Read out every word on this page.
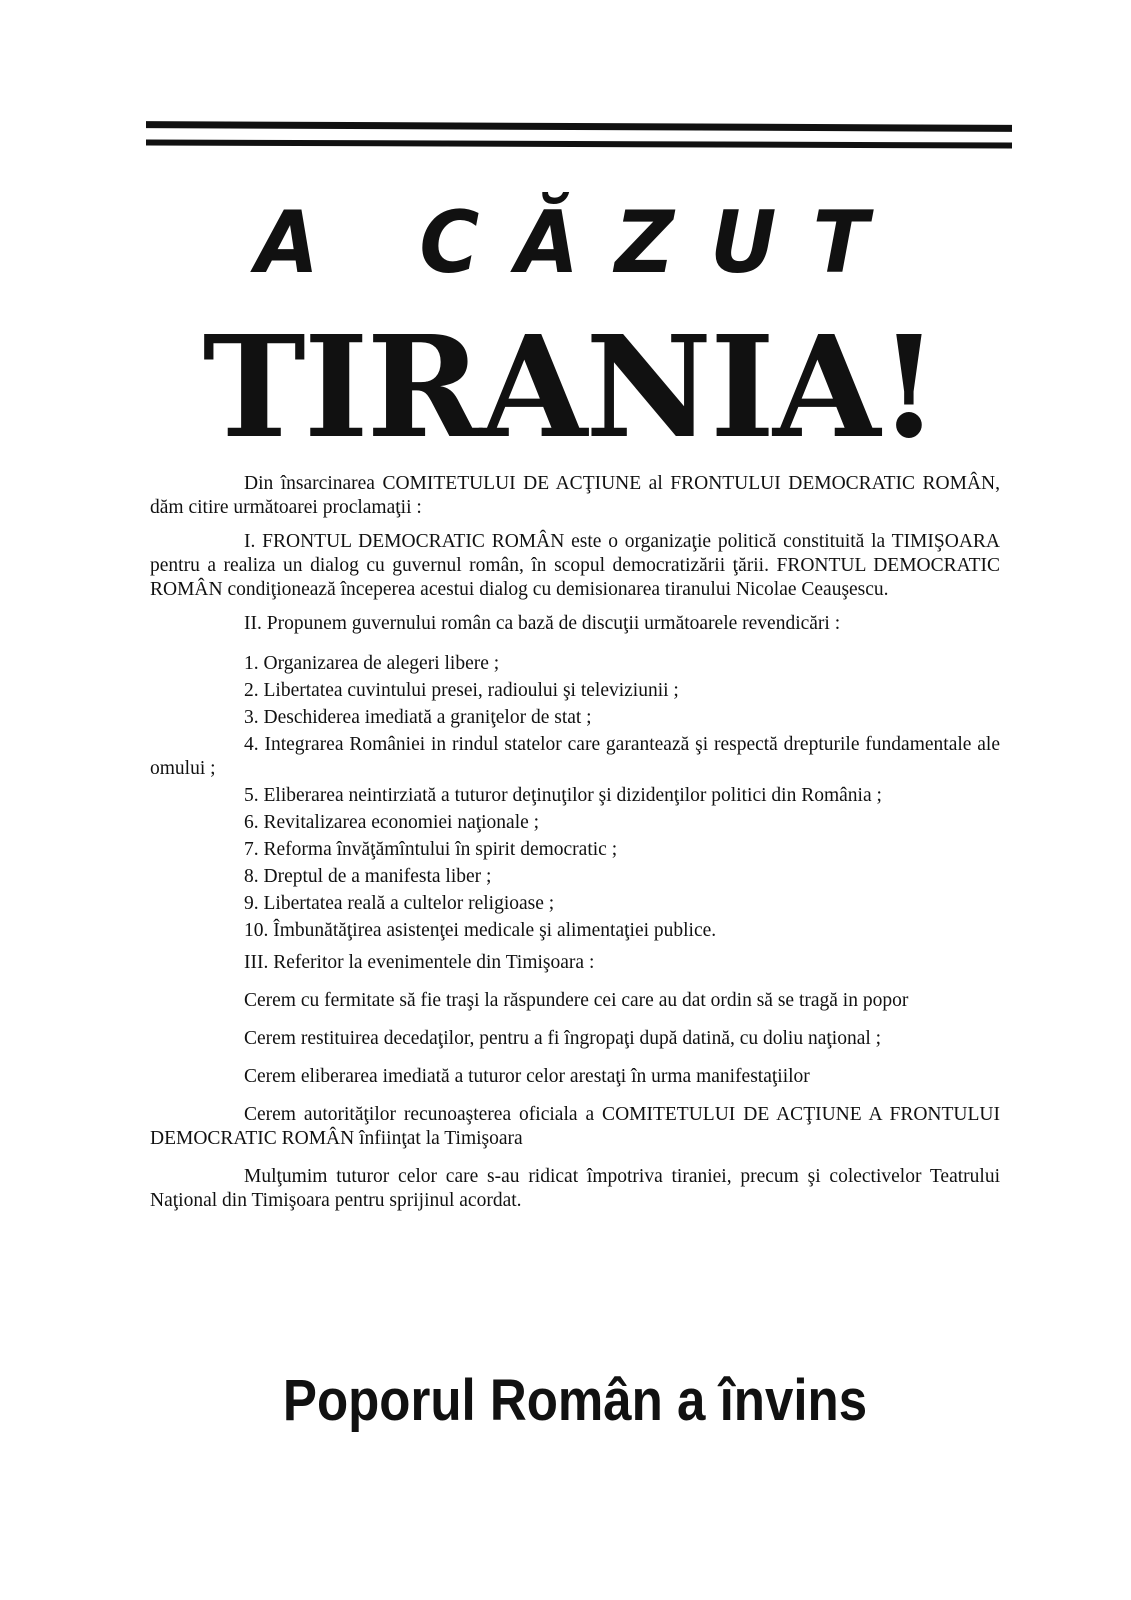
A CĂZUT
TIRANIA!

Din însarcinarea COMITETULUI DE ACŢIUNE al FRONTULUI DEMOCRATIC ROMÂN, dăm citire următoarei proclamaţii :

I. FRONTUL DEMOCRATIC ROMÂN este o organizaţie politică constituită la TIMIŞOARA pentru a realiza un dialog cu guvernul român, în scopul democratizării ţării. FRONTUL DEMOCRATIC ROMÂN condiţionează începerea acestui dialog cu demisionarea tiranului Nicolae Ceauşescu.

II. Propunem guvernului român ca bază de discuţii următoarele revendicări :

1. Organizarea de alegeri libere ;
2. Libertatea cuvintului presei, radioului şi televiziunii ;
3. Deschiderea imediată a graniţelor de stat ;
4. Integrarea României in rindul statelor care garantează şi respectă drepturile fundamentale ale omului ;
5. Eliberarea neintirziată a tuturor deţinuţilor şi dizidenţilor politici din România ;
6. Revitalizarea economiei naţionale ;
7. Reforma învăţămîntului în spirit democratic ;
8. Dreptul de a manifesta liber ;
9. Libertatea reală a cultelor religioase ;
10. Îmbunătăţirea asistenţei medicale şi alimentaţiei publice.

III. Referitor la evenimentele din Timişoara :

Cerem cu fermitate să fie traşi la răspundere cei care au dat ordin să se tragă in popor

Cerem restituirea decedaţilor, pentru a fi îngropaţi după datină, cu doliu naţional ;

Cerem eliberarea imediată a tuturor celor arestaţi în urma manifestaţiilor

Cerem autorităţilor recunoaşterea oficiala a COMITETULUI DE ACŢIUNE A FRONTULUI DEMOCRATIC ROMÂN înfiinţat la Timişoara

Mulţumim tuturor celor care s-au ridicat împotriva tiraniei, precum şi colectivelor Teatrului Naţional din Timişoara pentru sprijinul acordat.

Poporul Român a învins
